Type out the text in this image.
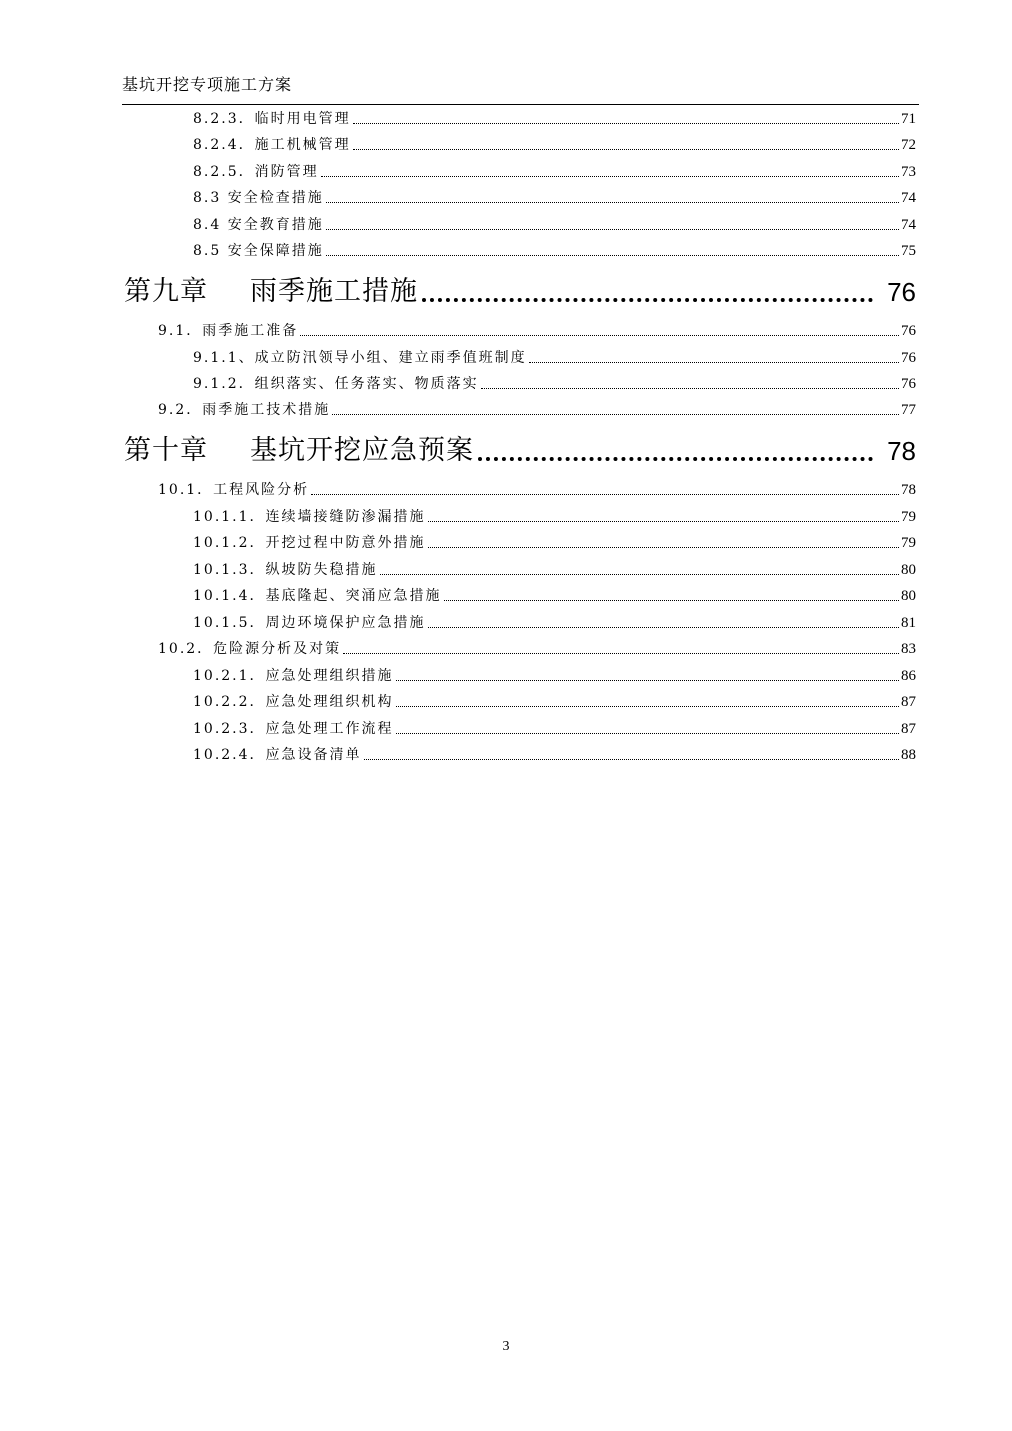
基坑开挖专项施工方案
8.2.3．临时用电管理	71
8.2.4．施工机械管理	72
8.2.5．消防管理	73
8.3 安全检查措施	74
8.4 安全教育措施	74
8.5 安全保障措施	75
第九章 雨季施工措施	76
9.1．雨季施工准备	76
9.1.1、成立防汛领导小组、建立雨季值班制度	76
9.1.2．组织落实、任务落实、物质落实	76
9.2．雨季施工技术措施	77
第十章 基坑开挖应急预案	78
10.1．工程风险分析	78
10.1.1．连续墙接缝防渗漏措施	79
10.1.2．开挖过程中防意外措施	79
10.1.3．纵坡防失稳措施	80
10.1.4．基底隆起、突涌应急措施	80
10.1.5．周边环境保护应急措施	81
10.2．危险源分析及对策	83
10.2.1．应急处理组织措施	86
10.2.2．应急处理组织机构	87
10.2.3．应急处理工作流程	87
10.2.4．应急设备清单	88
3
